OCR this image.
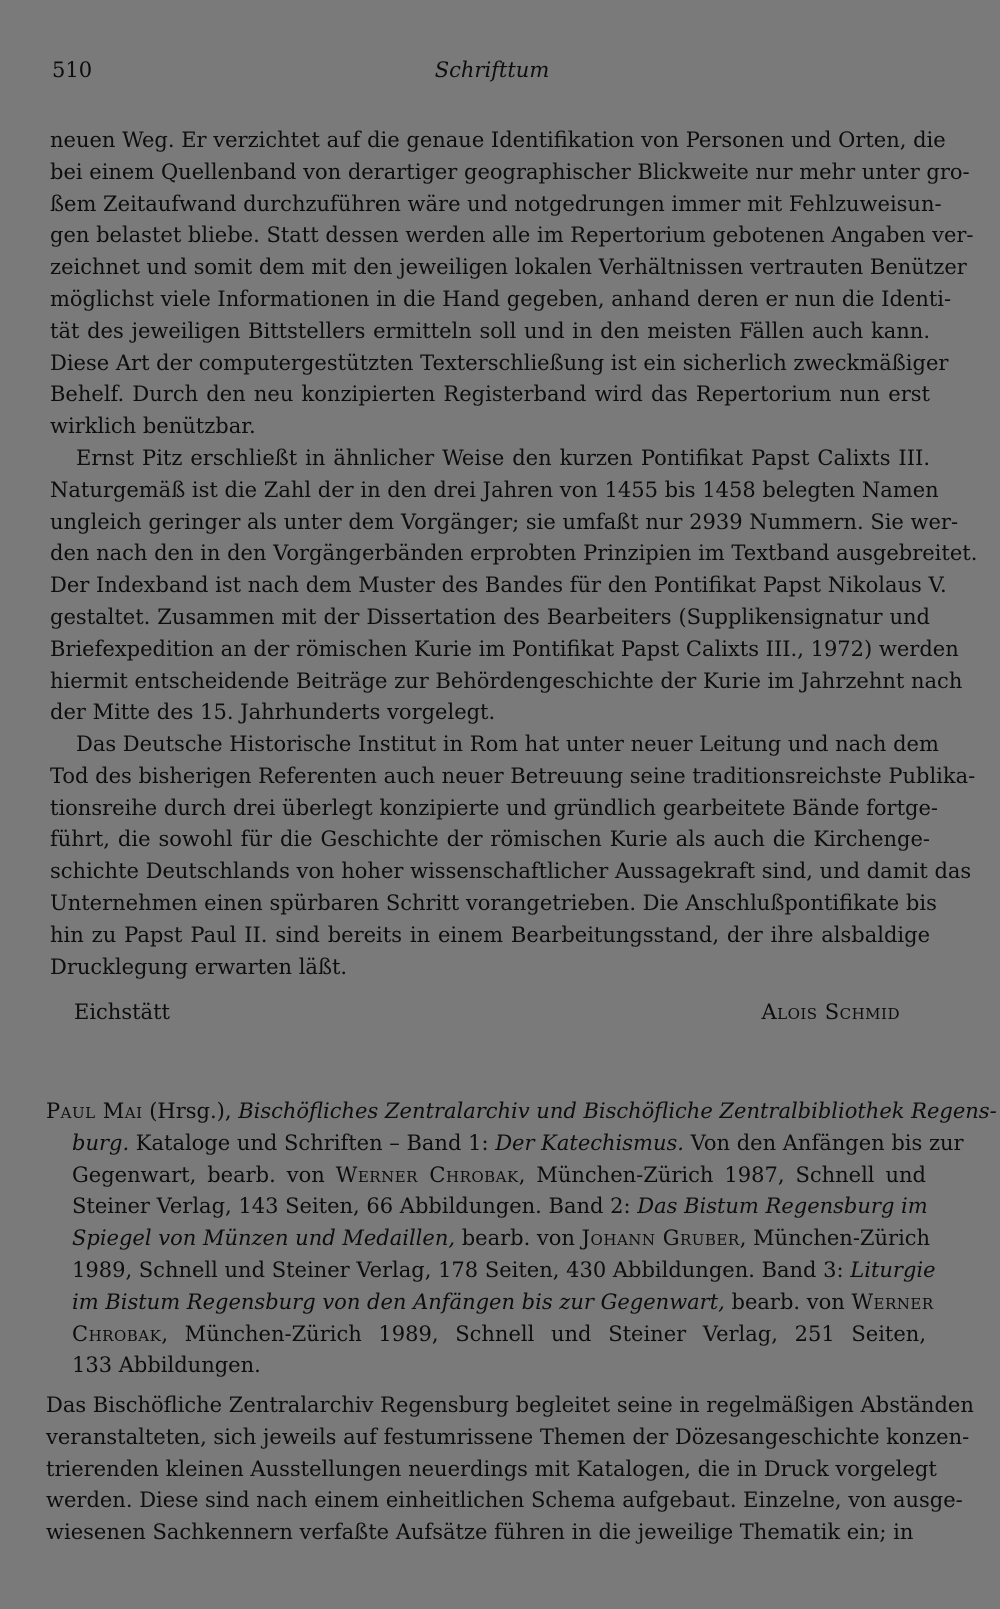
510	Schrifttum
neuen Weg. Er verzichtet auf die genaue Identifikation von Personen und Orten, die
bei einem Quellenband von derartiger geographischer Blickweite nur mehr unter gro-
ßem Zeitaufwand durchzuführen wäre und notgedrungen immer mit Fehlzuweisun-
gen belastet bliebe. Statt dessen werden alle im Repertorium gebotenen Angaben ver-
zeichnet und somit dem mit den jeweiligen lokalen Verhältnissen vertrauten Benützer
möglichst viele Informationen in die Hand gegeben, anhand deren er nun die Identi-
tät des jeweiligen Bittstellers ermitteln soll und in den meisten Fällen auch kann.
Diese Art der computergestützten Texterschließung ist ein sicherlich zweckmäßiger
Behelf. Durch den neu konzipierten Registerband wird das Repertorium nun erst
wirklich benützbar.
Ernst Pitz erschließt in ähnlicher Weise den kurzen Pontifikat Papst Calixts III.
Naturgemäß ist die Zahl der in den drei Jahren von 1455 bis 1458 belegten Namen
ungleich geringer als unter dem Vorgänger; sie umfaßt nur 2939 Nummern. Sie wer-
den nach den in den Vorgängerbänden erprobten Prinzipien im Textband ausgebreitet.
Der Indexband ist nach dem Muster des Bandes für den Pontifikat Papst Nikolaus V.
gestaltet. Zusammen mit der Dissertation des Bearbeiters (Supplikensignatur und
Briefexpedition an der römischen Kurie im Pontifikat Papst Calixts III., 1972) werden
hiermit entscheidende Beiträge zur Behördengeschichte der Kurie im Jahrzehnt nach
der Mitte des 15. Jahrhunderts vorgelegt.
Das Deutsche Historische Institut in Rom hat unter neuer Leitung und nach dem
Tod des bisherigen Referenten auch neuer Betreuung seine traditionsreichste Publika-
tionsreihe durch drei überlegt konzipierte und gründlich gearbeitete Bände fortge-
führt, die sowohl für die Geschichte der römischen Kurie als auch die Kirchenge-
schichte Deutschlands von hoher wissenschaftlicher Aussagekraft sind, und damit das
Unternehmen einen spürbaren Schritt vorangetrieben. Die Anschlußpontifikate bis
hin zu Papst Paul II. sind bereits in einem Bearbeitungsstand, der ihre alsbaldige
Drucklegung erwarten läßt.
Eichstätt	Alois Schmid
Paul Mai (Hrsg.), Bischöfliches Zentralarchiv und Bischöfliche Zentralbibliothek Regens-
burg. Kataloge und Schriften – Band 1: Der Katechismus. Von den Anfängen bis zur
Gegenwart, bearb. von Werner Chrobak, München-Zürich 1987, Schnell und
Steiner Verlag, 143 Seiten, 66 Abbildungen. Band 2: Das Bistum Regensburg im
Spiegel von Münzen und Medaillen, bearb. von Johann Gruber, München-Zürich
1989, Schnell und Steiner Verlag, 178 Seiten, 430 Abbildungen. Band 3: Liturgie
im Bistum Regensburg von den Anfängen bis zur Gegenwart, bearb. von Werner
Chrobak, München-Zürich 1989, Schnell und Steiner Verlag, 251 Seiten,
133 Abbildungen.
Das Bischöfliche Zentralarchiv Regensburg begleitet seine in regelmäßigen Abständen
veranstalteten, sich jeweils auf festumrissene Themen der Dözesangeschichte konzen-
trierenden kleinen Ausstellungen neuerdings mit Katalogen, die in Druck vorgelegt
werden. Diese sind nach einem einheitlichen Schema aufgebaut. Einzelne, von ausge-
wiesenen Sachkennern verfaßte Aufsätze führen in die jeweilige Thematik ein; in
